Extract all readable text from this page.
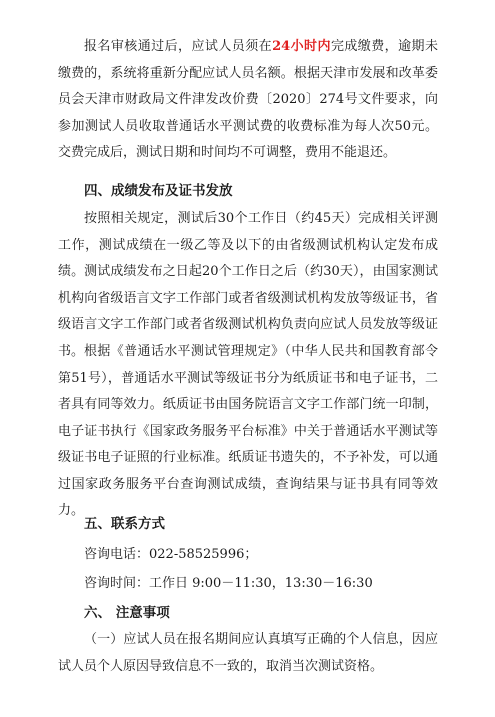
报名审核通过后，应试人员须在24小时内完成缴费，逾期未缴费的，系统将重新分配应试人员名额。根据天津市发展和改革委员会天津市财政局文件津发改价费〔2020〕274号文件要求，向参加测试人员收取普通话水平测试费的收费标准为每人次50元。交费完成后，测试日期和时间均不可调整，费用不能退还。

四、成绩发布及证书发放

按照相关规定，测试后30个工作日（约45天）完成相关评测工作，测试成绩在一级乙等及以下的由省级测试机构认定发布成绩。测试成绩发布之日起20个工作日之后（约30天），由国家测试机构向省级语言文字工作部门或者省级测试机构发放等级证书，省级语言文字工作部门或者省级测试机构负责向应试人员发放等级证书。 根据《普通话水平测试管理规定》（中华人民共和国教育部令第51号），普通话水平测试等级证书分为纸质证书和电子证书，二者具有同等效力。纸质证书由国务院语言文字工作部门统一印制，电子证书执行《国家政务服务平台标准》中关于普通话水平测试等级证书电子证照的行业标准。纸质证书遗失的，不予补发，可以通过国家政务服务平台查询测试成绩，查询结果与证书具有同等效力。

五、联系方式

咨询电话：022-58525996；

咨询时间：工作日 9:00－11:30，13:30－16:30

六、 注意事项

（一）应试人员在报名期间应认真填写正确的个人信息，因应试人员个人原因导致信息不一致的，取消当次测试资格。
